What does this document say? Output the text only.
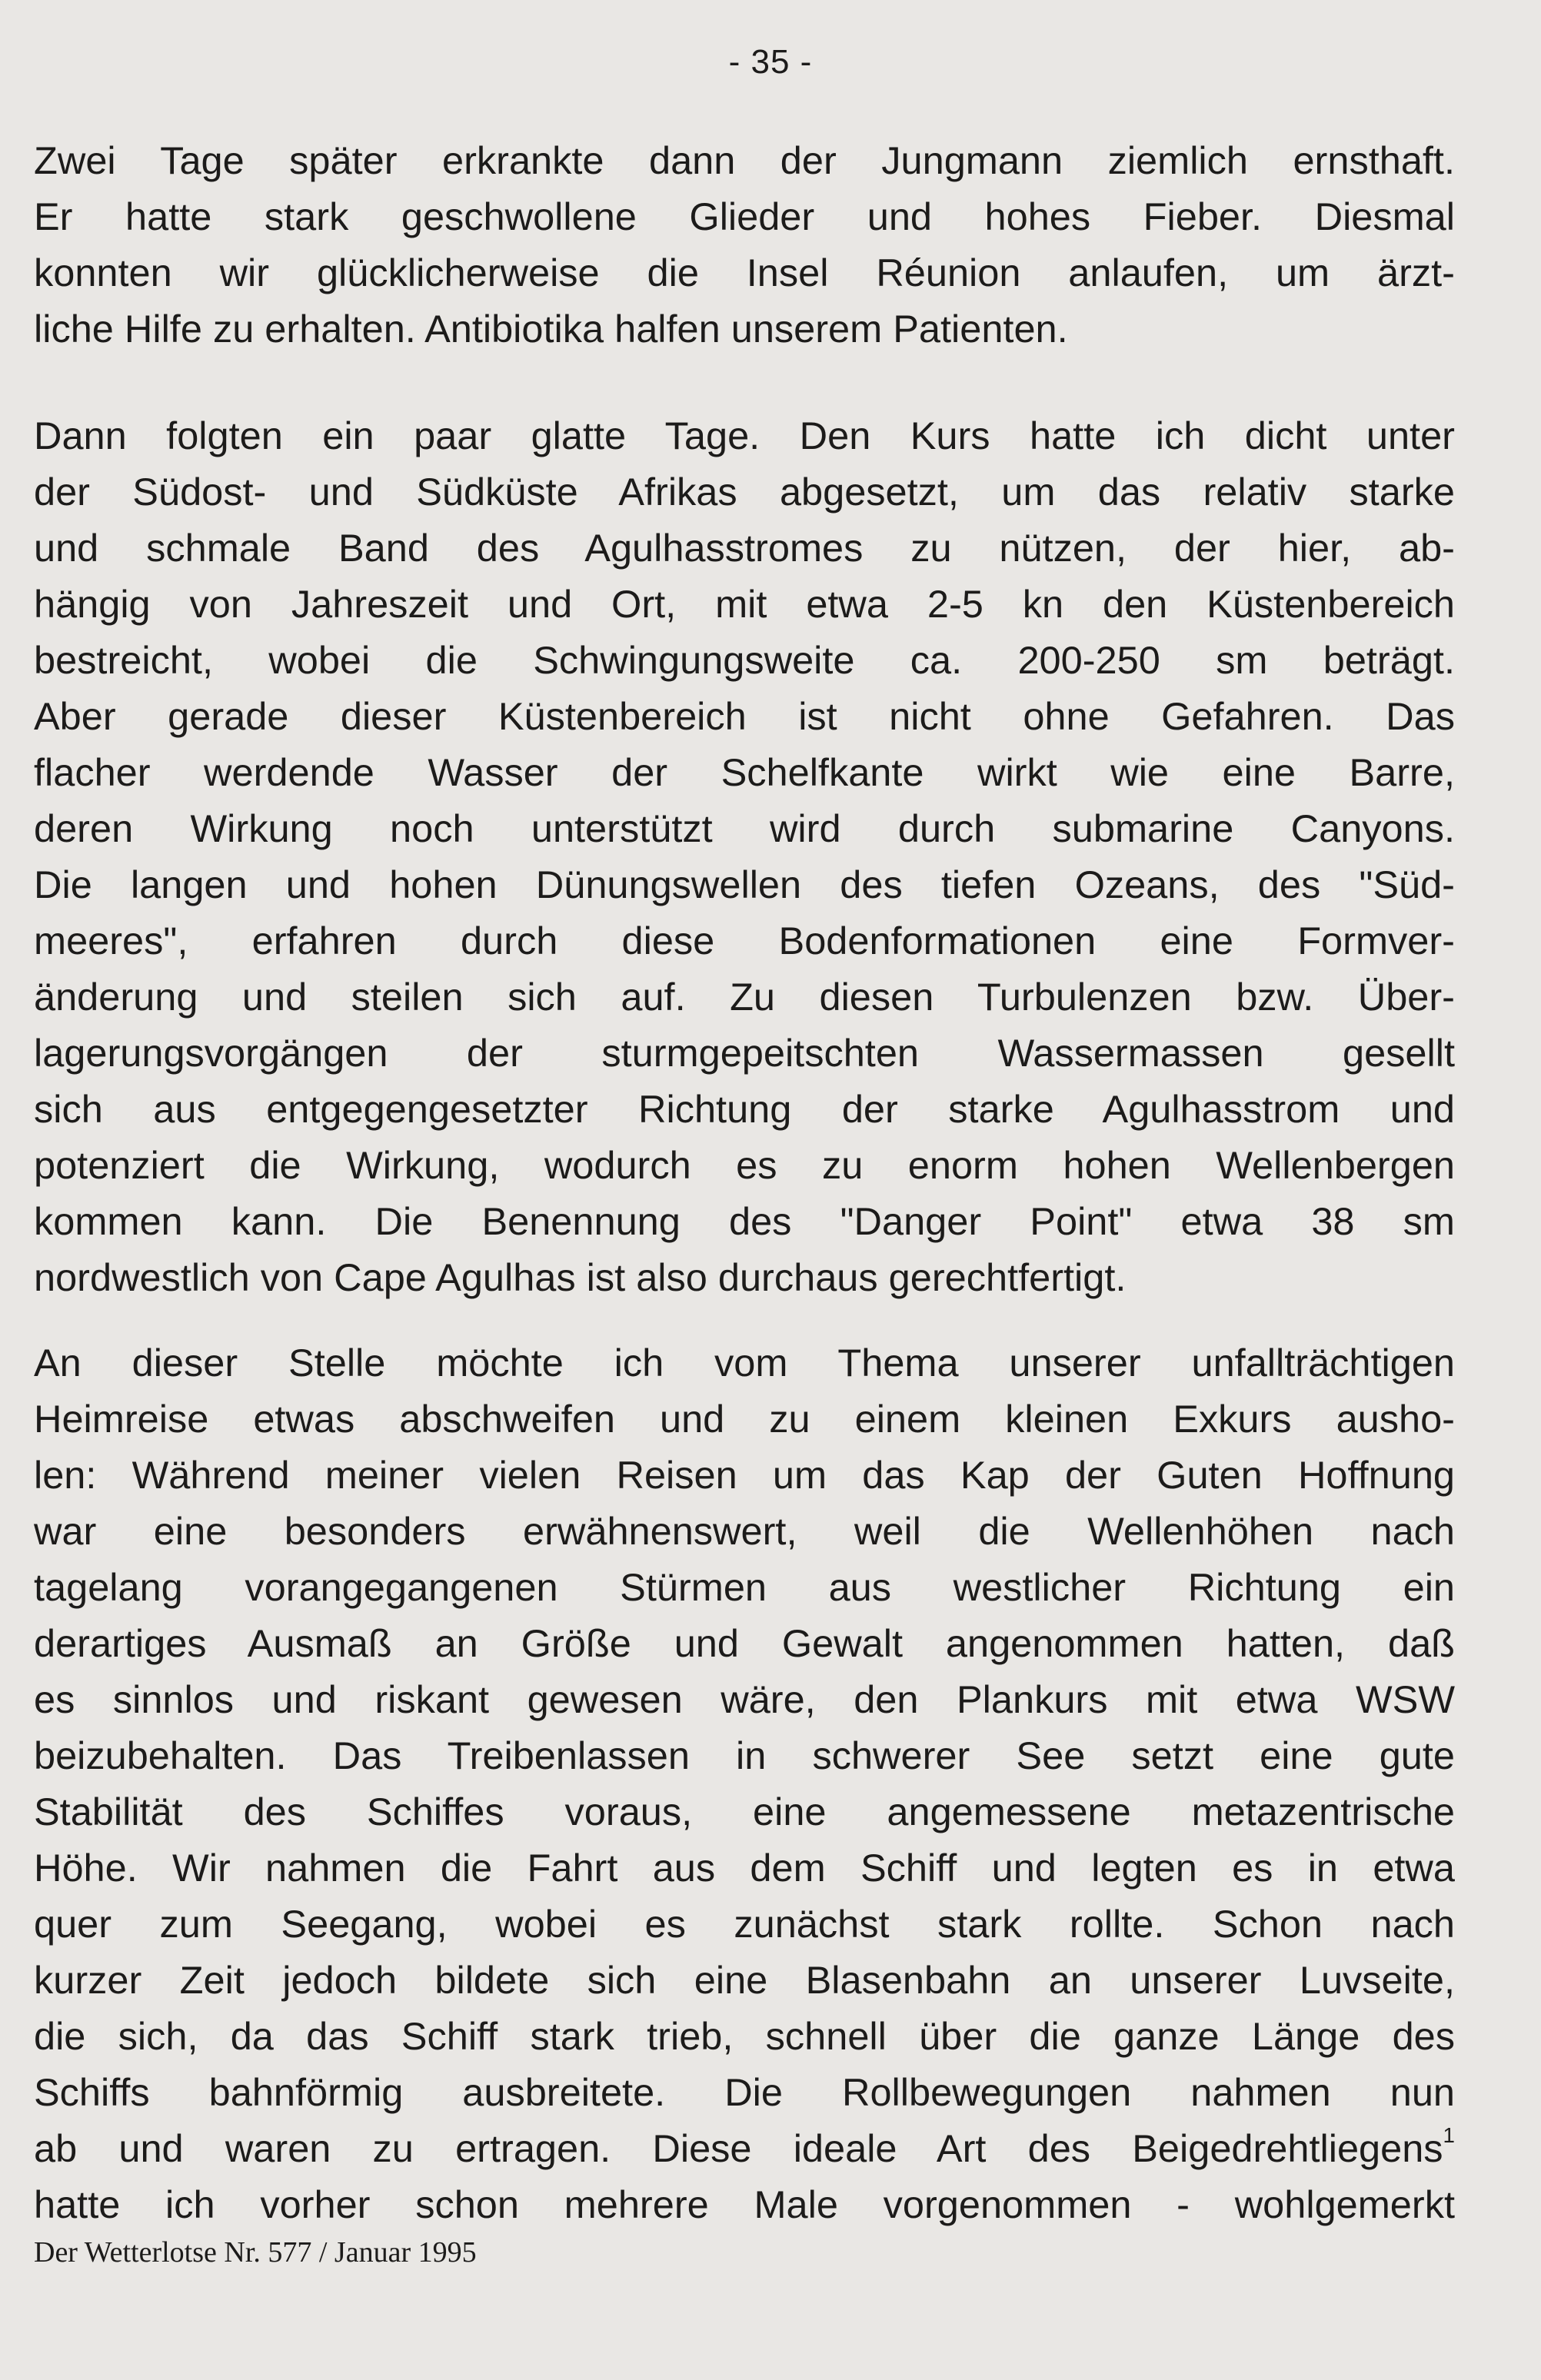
- 35 -
Zwei Tage später erkrankte dann der Jungmann ziemlich ernsthaft.
Er hatte stark geschwollene Glieder und hohes Fieber. Diesmal
konnten wir glücklicherweise die Insel Réunion anlaufen, um ärzt-
liche Hilfe zu erhalten. Antibiotika halfen unserem Patienten.
Dann folgten ein paar glatte Tage. Den Kurs hatte ich dicht unter
der Südost- und Südküste Afrikas abgesetzt, um das relativ starke
und schmale Band des Agulhasstromes zu nützen, der hier, ab-
hängig von Jahreszeit und Ort, mit etwa 2-5 kn den Küstenbereich
bestreicht, wobei die Schwingungsweite ca. 200-250 sm beträgt.
Aber gerade dieser Küstenbereich ist nicht ohne Gefahren. Das
flacher werdende Wasser der Schelfkante wirkt wie eine Barre,
deren Wirkung noch unterstützt wird durch submarine Canyons.
Die langen und hohen Dünungswellen des tiefen Ozeans, des "Süd-
meeres", erfahren durch diese Bodenformationen eine Formver-
änderung und steilen sich auf. Zu diesen Turbulenzen bzw. Über-
lagerungsvorgängen der sturmgepeitschten Wassermassen gesellt
sich aus entgegengesetzter Richtung der starke Agulhasstrom und
potenziert die Wirkung, wodurch es zu enorm hohen Wellenbergen
kommen kann. Die Benennung des "Danger Point" etwa 38 sm
nordwestlich von Cape Agulhas ist also durchaus gerechtfertigt.
An dieser Stelle möchte ich vom Thema unserer unfallträchtigen
Heimreise etwas abschweifen und zu einem kleinen Exkurs ausho-
len: Während meiner vielen Reisen um das Kap der Guten Hoffnung
war eine besonders erwähnenswert, weil die Wellenhöhen nach
tagelang vorangegangenen Stürmen aus westlicher Richtung ein
derartiges Ausmaß an Größe und Gewalt angenommen hatten, daß
es sinnlos und riskant gewesen wäre, den Plankurs mit etwa WSW
beizubehalten. Das Treibenlassen in schwerer See setzt eine gute
Stabilität des Schiffes voraus, eine angemessene metazentrische
Höhe. Wir nahmen die Fahrt aus dem Schiff und legten es in etwa
quer zum Seegang, wobei es zunächst stark rollte. Schon nach
kurzer Zeit jedoch bildete sich eine Blasenbahn an unserer Luvseite,
die sich, da das Schiff stark trieb, schnell über die ganze Länge des
Schiffs bahnförmig ausbreitete. Die Rollbewegungen nahmen nun
ab und waren zu ertragen. Diese ideale Art des Beigedrehtliegens$^1$
hatte ich vorher schon mehrere Male vorgenommen - wohlgemerkt
Der Wetterlotse Nr. 577 / Januar 1995
